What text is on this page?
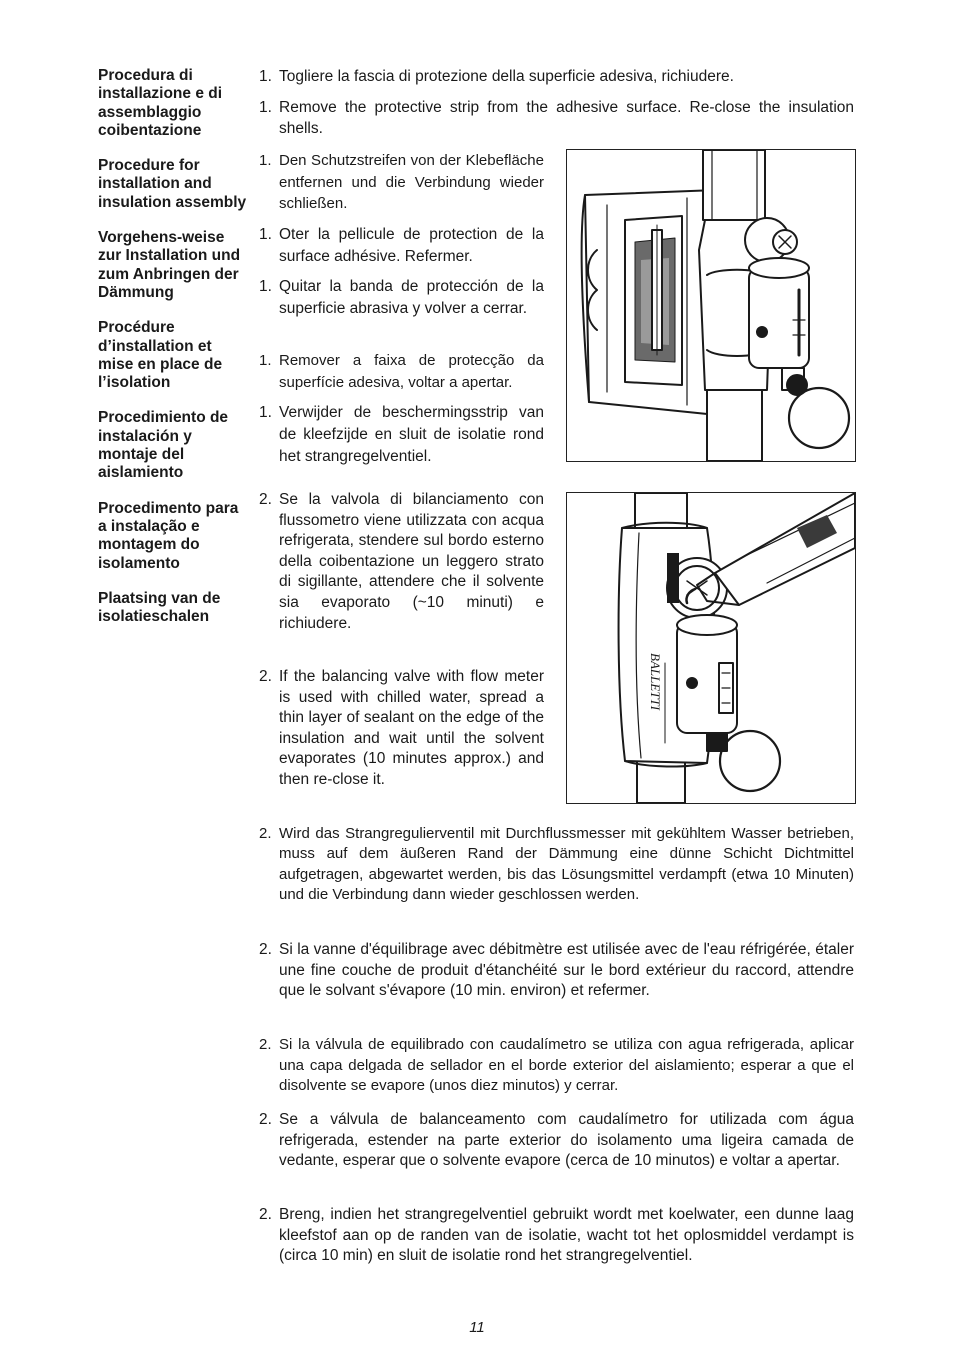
Procedura di installazione e di assemblaggio coibentazione
Procedure for installation and insulation assembly
Vorgehens-weise zur Installation und zum Anbringen der Dämmung
Procédure d’installation et mise en place de l’isolation
Procedimiento de instalación y montaje del aislamiento
Procedimento para a instalação e montagem do isolamento
Plaatsing van de isolatieschalen
1. Togliere la fascia di protezione della superficie adesiva, richiudere.
1. Remove the protective strip from the adhesive surface. Re-close the insulation shells.
1. Den Schutzstreifen von der Klebefläche entfernen und die Verbindung wieder schließen.
1. Oter la pellicule de protection de la surface adhésive. Refermer.
1. Quitar la banda de protección de la superficie abrasiva y volver a cerrar.
1. Remover a faixa de protecção da superfície adesiva, voltar a apertar.
1. Verwijder de beschermingsstrip van de kleefzijde en sluit de isolatie rond het strangregelventiel.
2. Se la valvola di bilanciamento con flussometro viene utilizzata con acqua refrigerata, stendere sul bordo esterno della coibentazione un leggero strato di sigillante, attendere che il solvente sia evaporato (~10 minuti) e richiudere.
2. If the balancing valve with flow meter is used with chilled water, spread a thin layer of sealant on the edge of the insulation and wait until the solvent evaporates (10 minutes approx.) and then re-close it.
2. Wird das Strangregulierventil mit Durchflussmesser mit gekühltem Wasser betrieben, muss auf dem äußeren Rand der Dämmung eine dünne Schicht Dichtmittel aufgetragen, abgewartet werden, bis das Lösungsmittel verdampft (etwa 10 Minuten) und die Verbindung dann wieder geschlossen werden.
2. Si la vanne d'équilibrage avec débitmètre est utilisée avec de l'eau réfrigérée, étaler une fine couche de produit d'étanchéité sur le bord extérieur du raccord, attendre que le solvant s'évapore (10 min. environ) et refermer.
2. Si la válvula de equilibrado con caudalímetro se utiliza con agua refrigerada, aplicar una capa delgada de sellador en el borde exterior del aislamiento; esperar a que el disolvente se evapore (unos diez minutos) y cerrar.
2. Se a válvula de balanceamento com caudalímetro for utilizada com água refrigerada, estender na parte exterior do isolamento uma ligeira camada de vedante, esperar que o solvente evapore (cerca de 10 minutos) e voltar a apertar.
2. Breng, indien het strangregelventiel gebruikt wordt met koelwater, een dunne laag kleefstof aan op de randen van de isolatie, wacht tot het oplosmiddel verdampt is (circa 10 min) en sluit de isolatie rond het strangregelventiel.
BALLETTI
11
